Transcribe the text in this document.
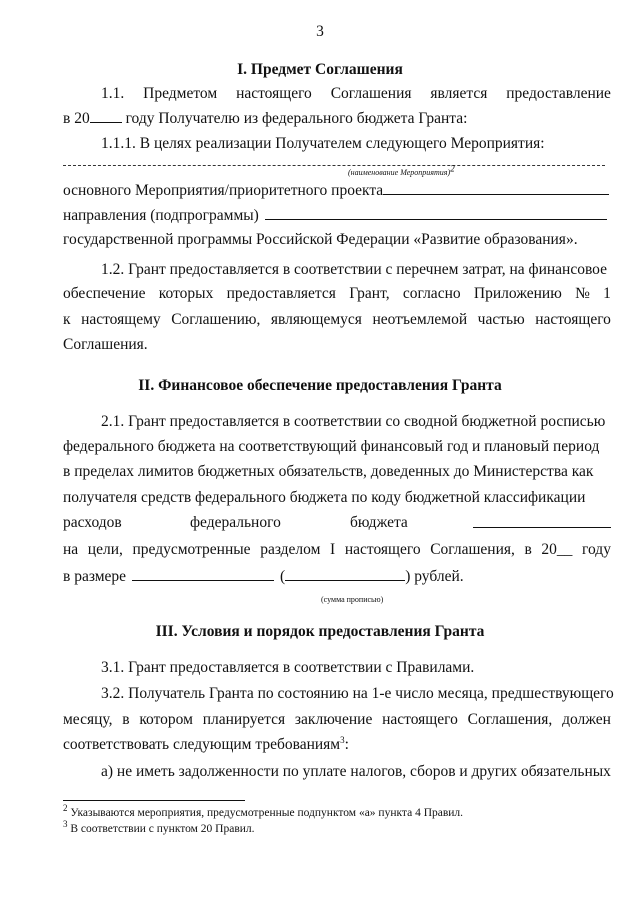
3
I. Предмет Соглашения
1.1. Предметом настоящего Соглашения является предоставление
в 20 году Получателю из федерального бюджета Гранта:
1.1.1. В целях реализации Получателем следующего Мероприятия:
(наименование Мероприятия)$^2$
основного Мероприятия/приоритетного проекта
направления (подпрограммы)
государственной программы Российской Федерации «Развитие образования».
1.2. Грант предоставляется в соответствии с перечнем затрат, на финансовое
обеспечение которых предоставляется Грант, согласно Приложению № 1
к настоящему Соглашению, являющемуся неотъемлемой частью настоящего
Соглашения.
II. Финансовое обеспечение предоставления Гранта
2.1. Грант предоставляется в соответствии со сводной бюджетной росписью
федерального бюджета на соответствующий финансовый год и плановый период
в пределах лимитов бюджетных обязательств, доведенных до Министерства как
получателя средств федерального бюджета по коду бюджетной классификации
расходов	федерального	бюджета
на цели, предусмотренные разделом I настоящего Соглашения, в 20__ году
в размере	(	) рублей.
(сумма прописью)
III. Условия и порядок предоставления Гранта
3.1. Грант предоставляется в соответствии с Правилами.
3.2. Получатель Гранта по состоянию на 1-е число месяца, предшествующего
месяцу, в котором планируется заключение настоящего Соглашения, должен
соответствовать следующим требованиям$^3$:
а) не иметь задолженности по уплате налогов, сборов и других обязательных
$^2$ Указываются мероприятия, предусмотренные подпунктом «а» пункта 4 Правил.
$^3$ В соответствии с пунктом 20 Правил.
